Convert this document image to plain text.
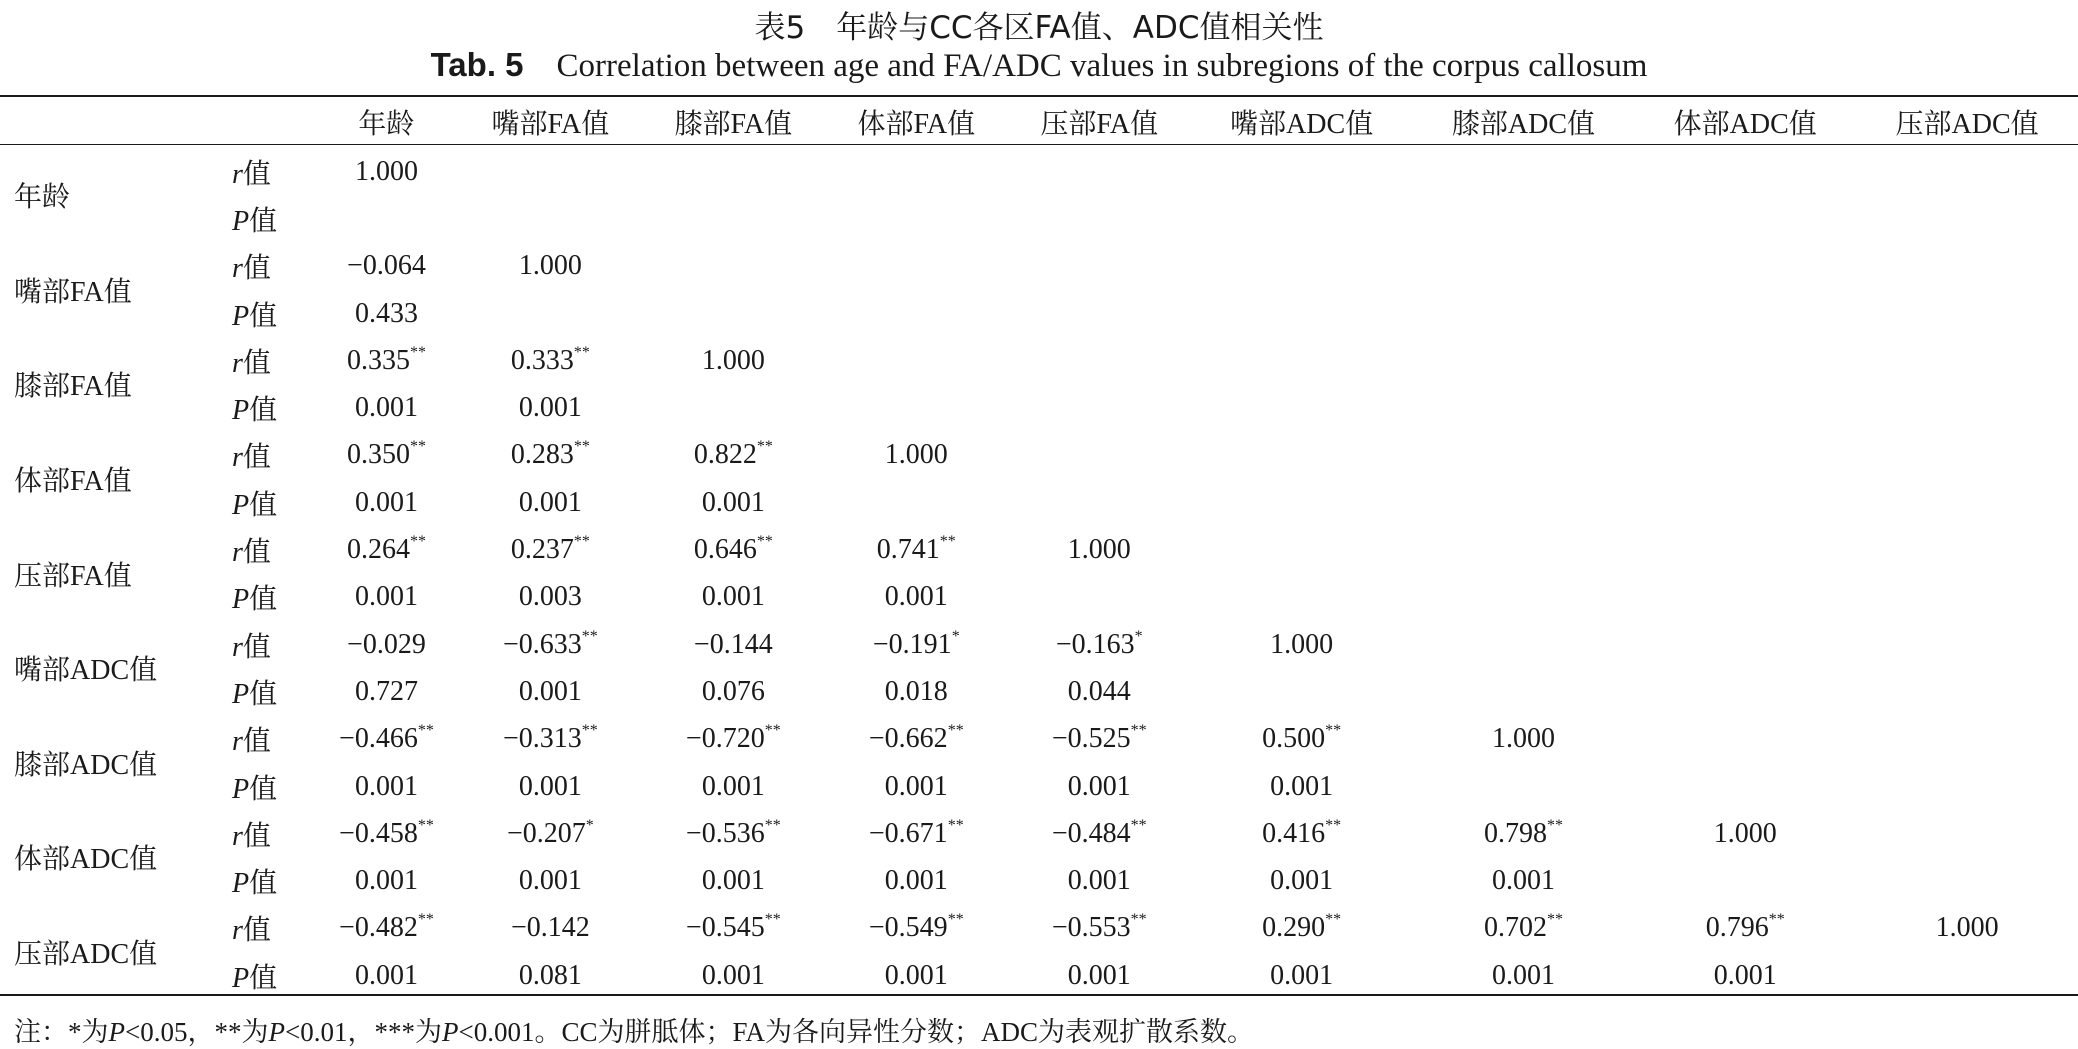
表5　年龄与CC各区FA值、ADC值相关性
Tab. 5 Correlation between age and FA/ADC values in subregions of the corpus callosum
		年龄	嘴部FA值	膝部FA值	体部FA值	压部FA值	嘴部ADC值	膝部ADC值	体部ADC值	压部ADC值
年龄	r值	1.000								
	P值									
嘴部FA值	r值	−0.064	1.000							
	P值	0.433								
膝部FA值	r值	0.335**	0.333**	1.000						
	P值	0.001	0.001							
体部FA值	r值	0.350**	0.283**	0.822**	1.000					
	P值	0.001	0.001	0.001						
压部FA值	r值	0.264**	0.237**	0.646**	0.741**	1.000				
	P值	0.001	0.003	0.001	0.001					
嘴部ADC值	r值	−0.029	−0.633**	−0.144	−0.191*	−0.163*	1.000			
	P值	0.727	0.001	0.076	0.018	0.044				
膝部ADC值	r值	−0.466**	−0.313**	−0.720**	−0.662**	−0.525**	0.500**	1.000		
	P值	0.001	0.001	0.001	0.001	0.001	0.001			
体部ADC值	r值	−0.458**	−0.207*	−0.536**	−0.671**	−0.484**	0.416**	0.798**	1.000	
	P值	0.001	0.001	0.001	0.001	0.001	0.001	0.001		
压部ADC值	r值	−0.482**	−0.142	−0.545**	−0.549**	−0.553**	0.290**	0.702**	0.796**	1.000
	P值	0.001	0.081	0.001	0.001	0.001	0.001	0.001	0.001	
注：*为P<0.05，**为P<0.01，***为P<0.001。CC为胼胝体；FA为各向异性分数；ADC为表观扩散系数。
